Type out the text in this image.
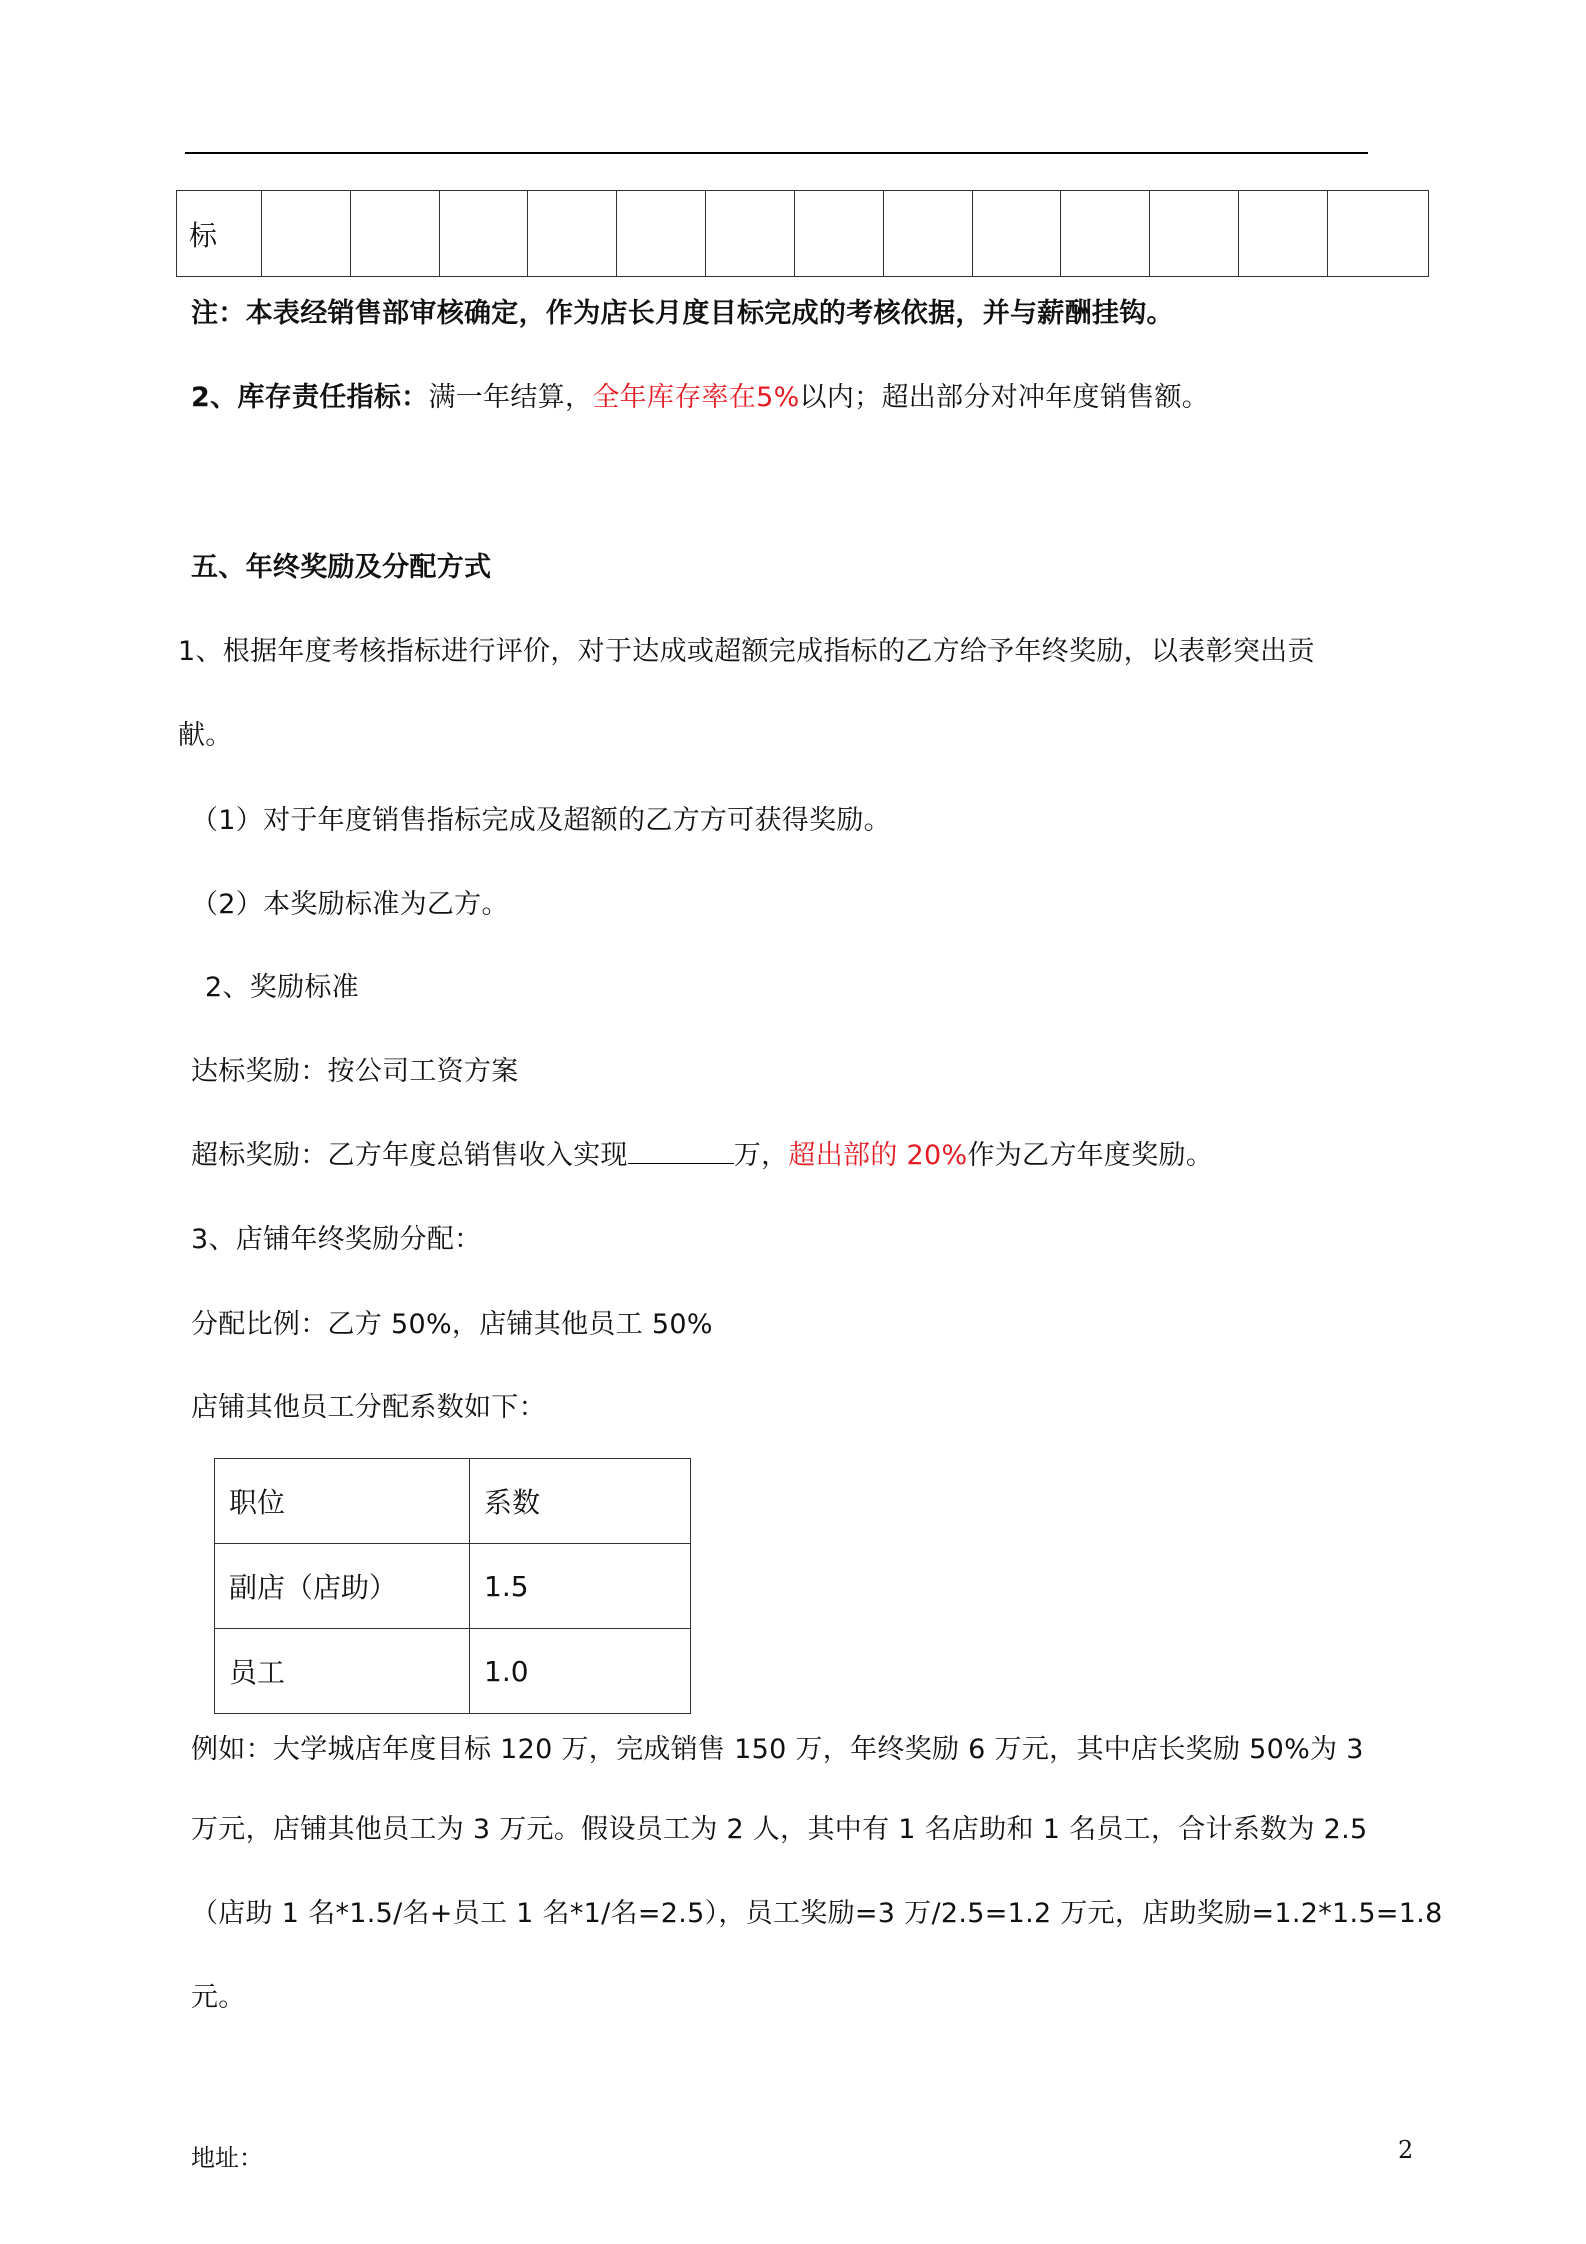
标													
注：本表经销售部审核确定，作为店长月度目标完成的考核依据，并与薪酬挂钩。
2、库存责任指标：满一年结算，全年库存率在5%以内；超出部分对冲年度销售额。
五、年终奖励及分配方式
1、根据年度考核指标进行评价，对于达成或超额完成指标的乙方给予年终奖励，以表彰突出贡
献。
（1）对于年度销售指标完成及超额的乙方方可获得奖励。
（2）本奖励标准为乙方。
2、奖励标准
达标奖励：按公司工资方案
超标奖励：乙方年度总销售收入实现	万，超出部的 20%作为乙方年度奖励。
3、店铺年终奖励分配：
分配比例：乙方 50%，店铺其他员工 50%
店铺其他员工分配系数如下：
职位	系数
副店（店助）	1.5
员工	1.0
例如：大学城店年度目标 120 万，完成销售 150 万，年终奖励 6 万元，其中店长奖励 50%为 3
万元，店铺其他员工为 3 万元。假设员工为 2 人，其中有 1 名店助和 1 名员工，合计系数为 2.5
（店助 1 名*1.5/名+员工 1 名*1/名=2.5），员工奖励=3 万/2.5=1.2 万元，店助奖励=1.2*1.5=1.8
元。
地址：	2
